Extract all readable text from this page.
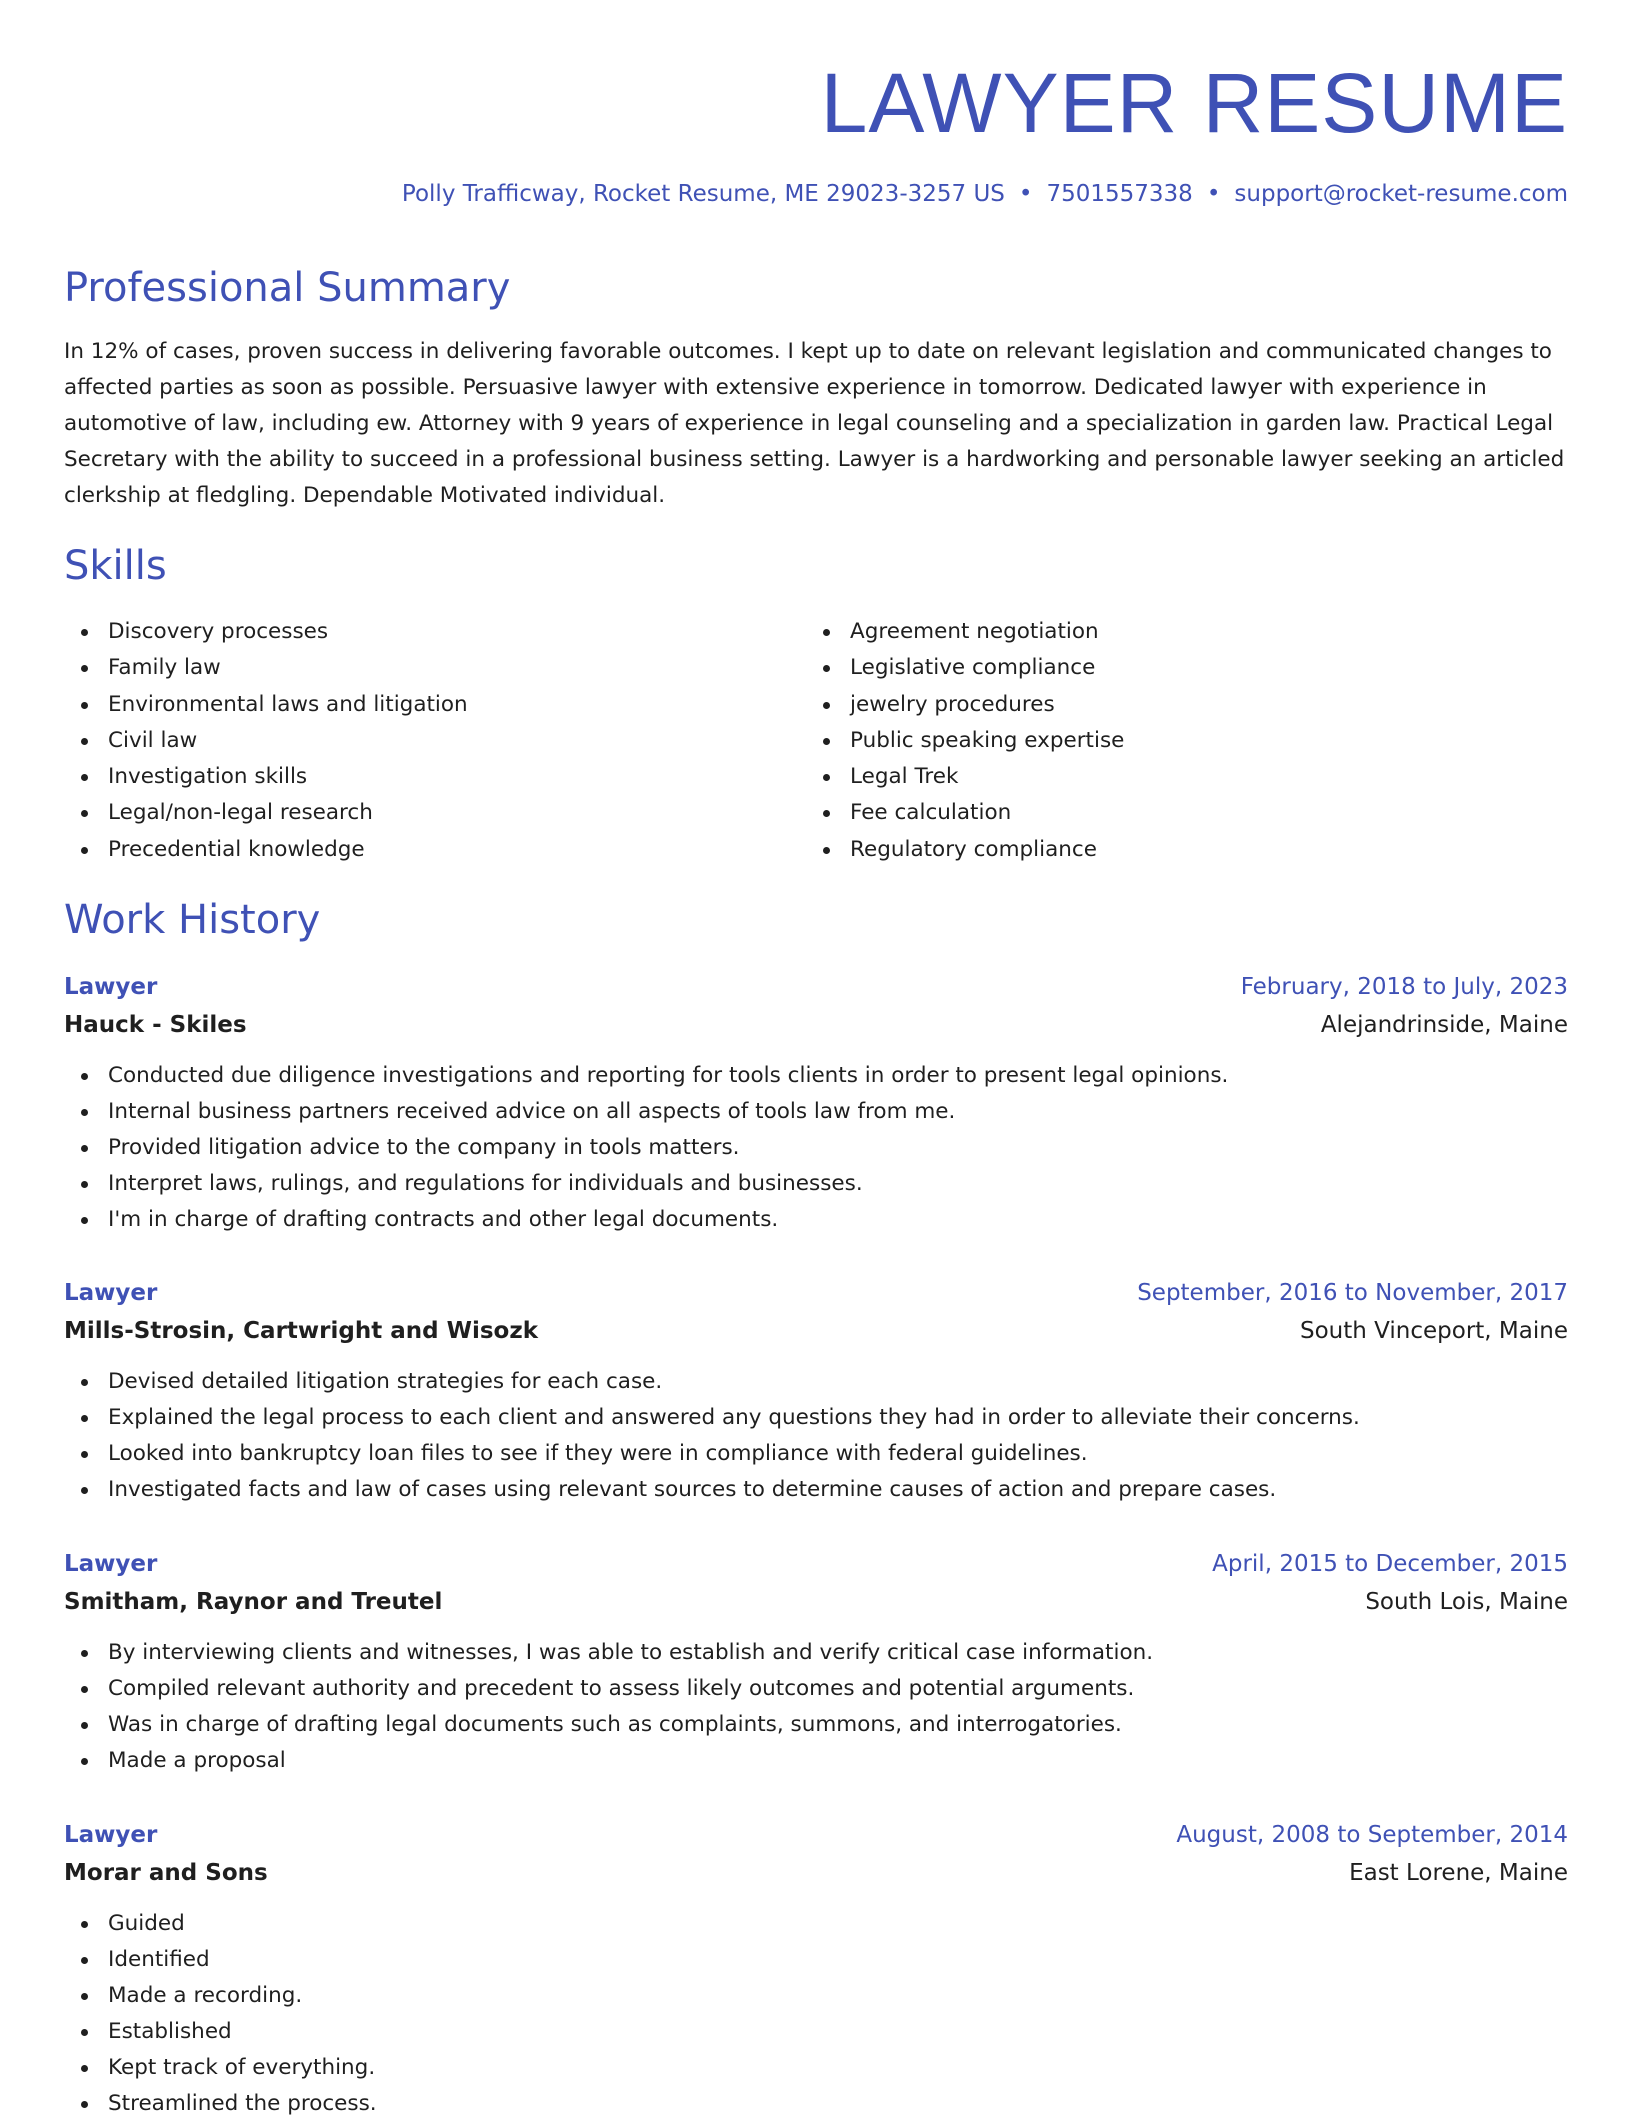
LAWYER RESUME
Polly Trafficway, Rocket Resume, ME 29023-3257 US • 7501557338 • support@rocket-resume.com
Professional Summary

In 12% of cases, proven success in delivering favorable outcomes. I kept up to date on relevant legislation and communicated changes to affected parties as soon as possible. Persuasive lawyer with extensive experience in tomorrow. Dedicated lawyer with experience in automotive of law, including ew. Attorney with 9 years of experience in legal counseling and a specialization in garden law. Practical Legal Secretary with the ability to succeed in a professional business setting. Lawyer is a hardworking and personable lawyer seeking an articled clerkship at fledgling. Dependable Motivated individual.

Skills
Discovery processes
Family law
Environmental laws and litigation
Civil law
Investigation skills
Legal/non-legal research
Precedential knowledge
Agreement negotiation
Legislative compliance
jewelry procedures
Public speaking expertise
Legal Trek
Fee calculation
Regulatory compliance
Work History
Lawyer	February, 2018 to July, 2023
Hauck - Skiles	Alejandrinside, Maine
Conducted due diligence investigations and reporting for tools clients in order to present legal opinions.
Internal business partners received advice on all aspects of tools law from me.
Provided litigation advice to the company in tools matters.
Interpret laws, rulings, and regulations for individuals and businesses.
I'm in charge of drafting contracts and other legal documents.
Lawyer	September, 2016 to November, 2017
Mills-Strosin, Cartwright and Wisozk	South Vinceport, Maine
Devised detailed litigation strategies for each case.
Explained the legal process to each client and answered any questions they had in order to alleviate their concerns.
Looked into bankruptcy loan files to see if they were in compliance with federal guidelines.
Investigated facts and law of cases using relevant sources to determine causes of action and prepare cases.
Lawyer	April, 2015 to December, 2015
Smitham, Raynor and Treutel	South Lois, Maine
By interviewing clients and witnesses, I was able to establish and verify critical case information.
Compiled relevant authority and precedent to assess likely outcomes and potential arguments.
Was in charge of drafting legal documents such as complaints, summons, and interrogatories.
Made a proposal
Lawyer	August, 2008 to September, 2014
Morar and Sons	East Lorene, Maine
Guided
Identified
Made a recording.
Established
Kept track of everything.
Streamlined the process.
